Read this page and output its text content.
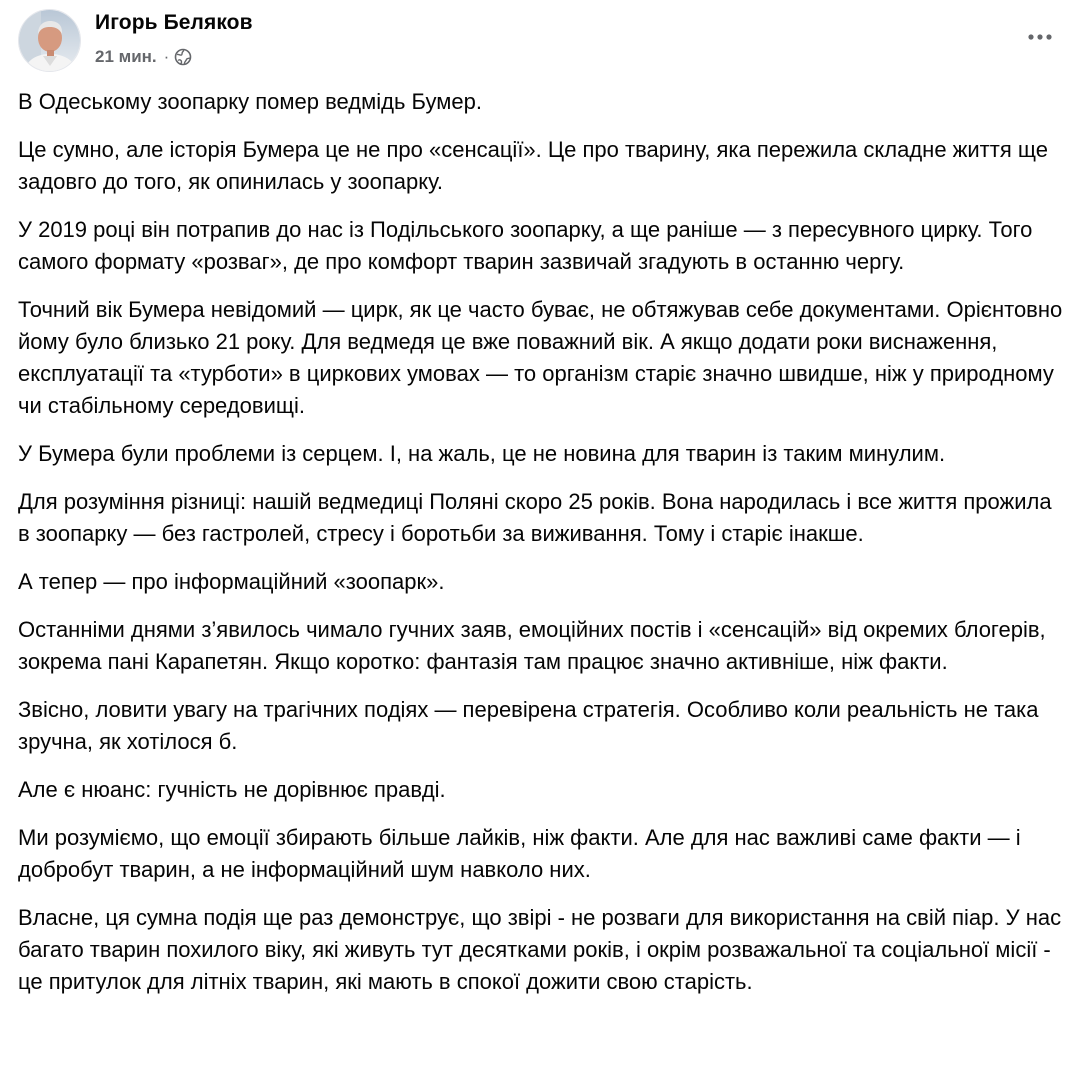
Игорь Беляков
21 мин. ·

В Одеському зоопарку помер ведмідь Бумер.

Це сумно, але історія Бумера це не про «сенсації». Це про тварину, яка пережила складне життя ще задовго до того, як опинилась у зоопарку.

У 2019 році він потрапив до нас із Подільського зоопарку, а ще раніше — з пересувного цирку. Того самого формату «розваг», де про комфорт тварин зазвичай згадують в останню чергу.

Точний вік Бумера невідомий — цирк, як це часто буває, не обтяжував себе документами. Орієнтовно йому було близько 21 року. Для ведмедя це вже поважний вік. А якщо додати роки виснаження, експлуатації та «турботи» в циркових умовах — то організм старіє значно швидше, ніж у природному чи стабільному середовищі.

У Бумера були проблеми із серцем. І, на жаль, це не новина для тварин із таким минулим.

Для розуміння різниці: нашій ведмедиці Поляні скоро 25 років. Вона народилась і все життя прожила в зоопарку — без гастролей, стресу і боротьби за виживання. Тому і старіє інакше.

А тепер — про інформаційний «зоопарк».

Останніми днями з’явилось чимало гучних заяв, емоційних постів і «сенсацій» від окремих блогерів, зокрема пані Карапетян. Якщо коротко: фантазія там працює значно активніше, ніж факти.

Звісно, ловити увагу на трагічних подіях — перевірена стратегія. Особливо коли реальність не така зручна, як хотілося б.

Але є нюанс: гучність не дорівнює правді.

Ми розуміємо, що емоції збирають більше лайків, ніж факти. Але для нас важливі саме факти — і добробут тварин, а не інформаційний шум навколо них.

Власне, ця сумна подія ще раз демонструє, що звірі - не розваги для використання на свій піар. У нас багато тварин похилого віку, які живуть тут десятками років, і окрім розважальної та соціальної місії - це притулок для літніх тварин, які мають в спокої дожити свою старість.
